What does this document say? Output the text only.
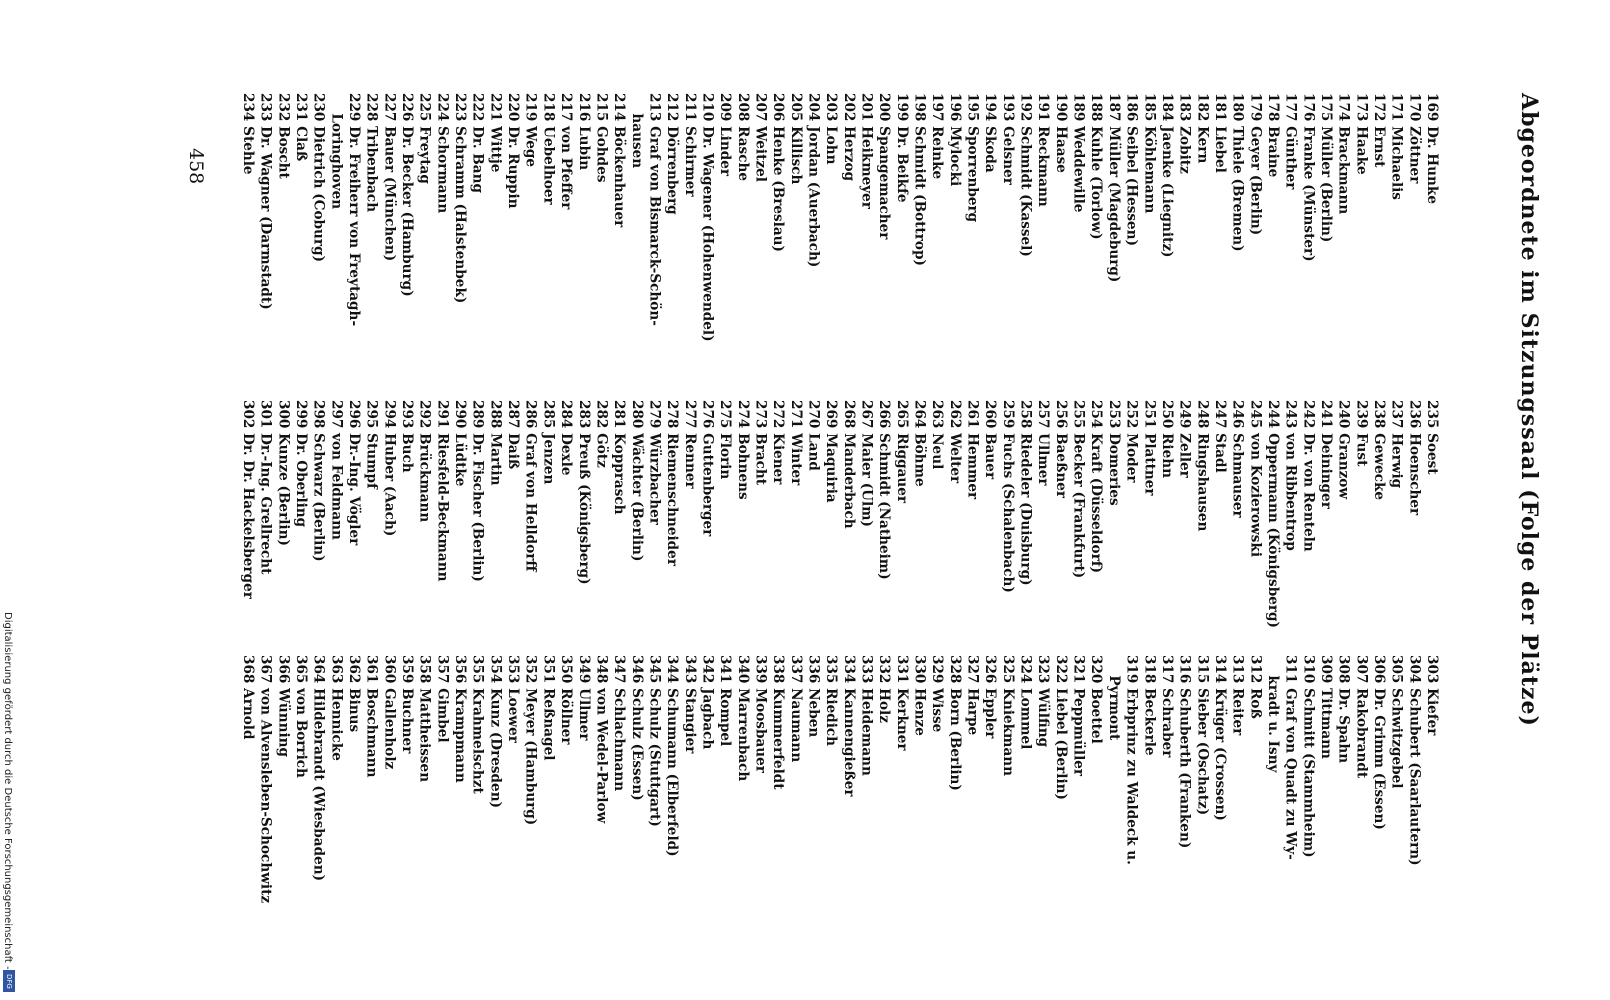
Abgeordnete im Sitzungssaal (Folge der Plätze)
169 Dr. Hunke
170 Zöttner
171 Michaelis
172 Ernst
173 Haake
174 Brackmann
175 Müller (Berlin)
176 Franke (Münster)
177 Günther
178 Braine
179 Geyer (Berlin)
180 Thiele (Bremen)
181 Liebel
182 Kern
183 Zobitz
184 Jaenke (Liegnitz)
185 Köhlemann
186 Seibel (Hessen)
187 Müller (Magdeburg)
188 Kuhle (Torlow)
189 Weddewille
190 Haase
191 Reckmann
192 Schmidt (Kassel)
193 Gelsner
194 Skoda
195 Sporrenberg
196 Mylocki
197 Reinke
198 Schmidt (Bottrop)
199 Dr. Beikfe
200 Spangemacher
201 Heikmeyer
202 Herzog
203 Lohn
204 Jordan (Auerbach)
205 Killisch
206 Henke (Breslau)
207 Weitzel
208 Rasche
209 Linder
210 Dr. Wagener (Hohenwendel)
211 Schirmer
212 Dörrenberg
213 Graf von Bismarck-Schön-
  hausen
214 Böckenhauer
215 Gohdes
216 Lubin
217 von Pfeffer
218 Uebelhoer
219 Wege
220 Dr. Ruppin
221 Wittje
222 Dr. Bang
223 Schramm (Halstenbek)
224 Schormann
225 Freytag
226 Dr. Becker (Hamburg)
227 Bauer (München)
228 Tribenbach
229 Dr. Freiherr von Freytagh-
  Loringhoven
230 Dietrich (Coburg)
231 Claß
232 Boscht
233 Dr. Wagner (Darmstadt)
234 Stehle
235 Soest
236 Hoenscher
237 Herwig
238 Gewecke
239 Fust
240 Granzow
241 Deininger
242 Dr. von Renteln
243 von Ribbentrop
244 Oppermann (Königsberg)
245 von Kozierowski
246 Schmauser
247 Stadl
248 Ringshausen
249 Zeller
250 Riehn
251 Plattner
252 Moder
253 Domeries
254 Kraft (Düsseldorf)
255 Becker (Frankfurt)
256 Baeßner
257 Ullmer
258 Riedeler (Duisburg)
259 Fuchs (Schalenbach)
260 Bauer
261 Hemmer
262 Welter
263 Neul
264 Böhme
265 Riggauer
266 Schmidt (Natheim)
267 Maier (Ulm)
268 Manderbach
269 Maquiria
270 Land
271 Winter
272 Kiener
273 Bracht
274 Bohnens
275 Florin
276 Guttenberger
277 Renner
278 Riemenschneider
279 Würzbacher
280 Wächter (Berlin)
281 Kopprasch
282 Götz
283 Preuß (Königsberg)
284 Dexle
285 Jenzen
286 Graf von Helldorff
287 Daiß
288 Martin
289 Dr. Fischer (Berlin)
290 Lüdtke
291 Riesfeld-Beckmann
292 Brückmann
293 Buch
294 Huber (Aach)
295 Stumpf
296 Dr.-Ing. Vögler
297 von Feldmann
298 Schwarz (Berlin)
299 Dr. Oberling
300 Kunze (Berlin)
301 Dr.-Ing. Grellrecht
302 Dr. Dr. Hackelsberger
303 Kiefer
304 Schubert (Saarlautern)
305 Schwitzgebel
306 Dr. Grimm (Essen)
307 Rakobrandt
308 Dr. Spahn
309 Tittmann
310 Schmitt (Stammheim)
311 Graf von Quadt zu Wy-
  kradt u. Isny
312 Roß
313 Reiter
314 Krüger (Crossen)
315 Sieber (Oschatz)
316 Schuberth (Franken)
317 Schraber
318 Beckerle
319 Erbprinz zu Waldeck u.
  Pyrmont
320 Boettel
321 Peppmüller
322 Liebel (Berlin)
323 Wülfing
324 Lommel
325 Kniekmann
326 Eppler
327 Harpe
328 Born (Berlin)
329 Wisse
330 Henze
331 Kerkner
332 Holz
333 Heidemann
334 Kannengießer
335 Riedich
336 Neben
337 Naumann
338 Kummerfeldt
339 Moosbauer
340 Marrenbach
341 Rompel
342 Jagbach
343 Stangier
344 Schumann (Elberfeld)
345 Schulz (Stuttgart)
346 Schulz (Essen)
347 Schlachmann
348 von Wedel-Parlow
349 Ullmer
350 Röllner
351 Reßnagel
352 Meyer (Hamburg)
353 Loewer
354 Kunz (Dresden)
355 Krahmelschzt
356 Krampmann
357 Gimbel
358 Mattheissen
359 Buchner
360 Gallenholz
361 Boschmann
362 Binus
363 Hennicke
364 Hildebrandt (Wiesbaden)
365 von Borrich
366 Wünning
367 von Alvensleben-Schochwitz
368 Arnold
458
Digitalisierung gefördert durch die Deutsche Forschungsgemeinschaft -
DFG
